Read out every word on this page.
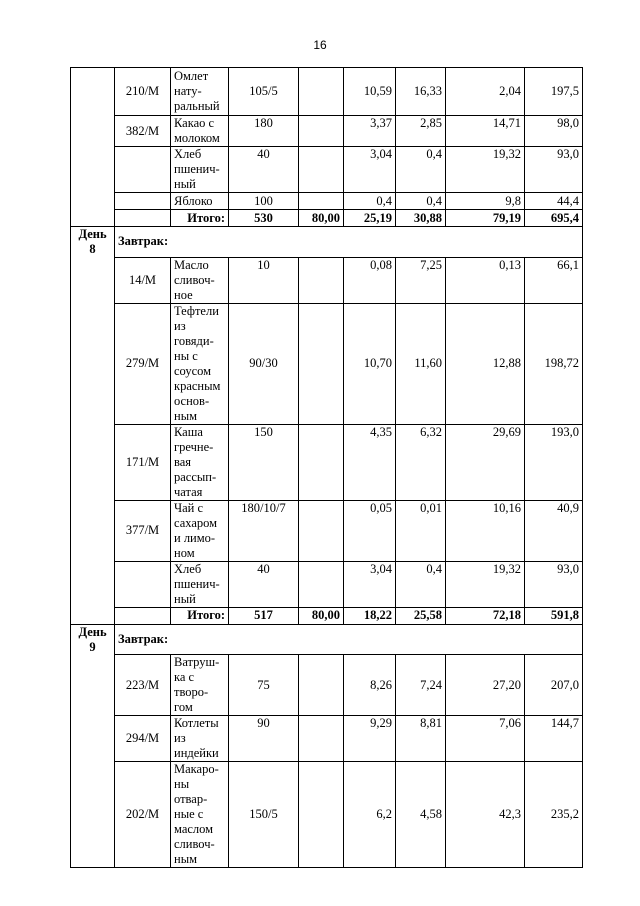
16
	210/М	Омлет нату-ральный	105/5		10,59	16,33	2,04	197,5
	382/М	Какао с молоком	180		3,37	2,85	14,71	98,0
		Хлеб пшенич-ный	40		3,04	0,4	19,32	93,0
		Яблоко	100		0,4	0,4	9,8	44,4
		Итого:	530	80,00	25,19	30,88	79,19	695,4
День 8	Завтрак:							
	14/М	Масло сливоч-ное	10		0,08	7,25	0,13	66,1
	279/М	Тефтели из говяди-ны с соусом красным основ-ным	90/30		10,70	11,60	12,88	198,72
	171/М	Каша гречне-вая рассып-чатая	150		4,35	6,32	29,69	193,0
	377/М	Чай с сахаром и лимо-ном	180/10/7		0,05	0,01	10,16	40,9
		Хлеб пшенич-ный	40		3,04	0,4	19,32	93,0
		Итого:	517	80,00	18,22	25,58	72,18	591,8
День 9	Завтрак:							
	223/М	Ватруш-ка с творо-гом	75		8,26	7,24	27,20	207,0
	294/М	Котлеты из индейки	90		9,29	8,81	7,06	144,7
	202/М	Макаро-ны отвар-ные с маслом сливоч-ным	150/5		6,2	4,58	42,3	235,2
